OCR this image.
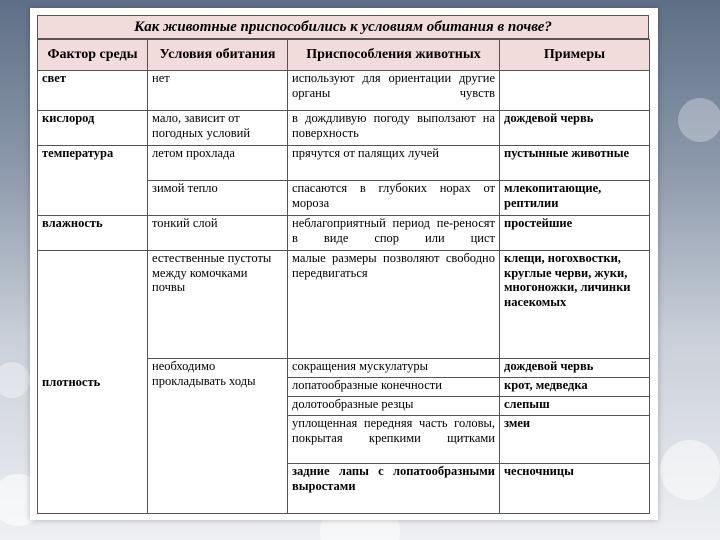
Как животные приспособились к условиям обитания в почве?
Фактор среды	Условия обитания	Приспособления животных	Примеры
свет	нет	используют для ориентации другие органы чувств	
кислород	мало, зависит от погодных условий	в дождливую погоду выползают на поверхность	дождевой червь
температура	летом прохлада	прячутся от палящих лучей	пустынные животные
	зимой тепло	спасаются в глубоких норах от мороза	млекопитающие, рептилии
влажность	тонкий слой	неблагоприятный период пе-реносят в виде спор или цист	простейшие
плотность	естественные пустоты между комочками почвы	малые размеры позволяют свободно передвигаться	клещи, ногохвостки, круглые черви, жуки, многоножки, личинки насекомых
	необходимо прокладывать ходы	сокращения мускулатуры	дождевой червь
		лопатообразные конечности	крот, медведка
		долотообразные резцы	слепыш
		уплощенная передняя часть головы, покрытая крепкими щитками	змеи
		задние лапы с лопатообразными выростами	чесночницы
